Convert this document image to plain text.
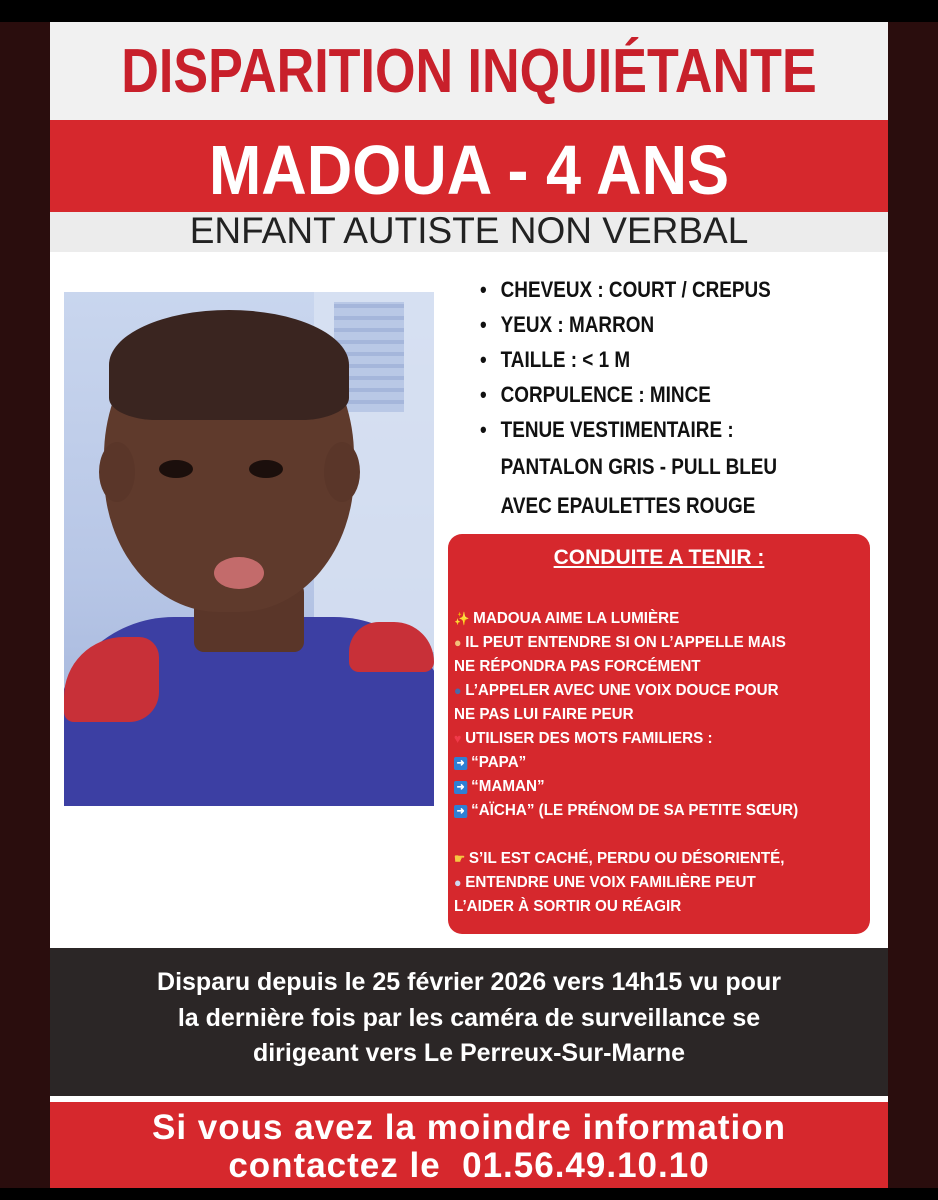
DISPARITION INQUIÉTANTE
MADOUA - 4 ANS
ENFANT AUTISTE NON VERBAL
• CHEVEUX : COURT / CREPUS
• YEUX : MARRON
• TAILLE : < 1 M
• CORPULENCE : MINCE
• TENUE VESTIMENTAIRE :
PANTALON GRIS - PULL BLEU
AVEC EPAULETTES ROUGE
CONDUITE A TENIR :
✨ MADOUA AIME LA LUMIÈRE
● IL PEUT ENTENDRE SI ON L’APPELLE MAIS
NE RÉPONDRA PAS FORCÉMENT
● L’APPELER AVEC UNE VOIX DOUCE POUR
NE PAS LUI FAIRE PEUR
♥ UTILISER DES MOTS FAMILIERS :
➜ “PAPA”
➜ “MAMAN”
➜ “AÏCHA” (LE PRÉNOM DE SA PETITE SŒUR)
☛ S’IL EST CACHÉ, PERDU OU DÉSORIENTÉ,
● ENTENDRE UNE VOIX FAMILIÈRE PEUT
L’AIDER À SORTIR OU RÉAGIR
Disparu depuis le 25 février 2026 vers 14h15 vu pour
la dernière fois par les caméra de surveillance se
dirigeant vers Le Perreux-Sur-Marne
Si vous avez la moindre information
contactez le  01.56.49.10.10
